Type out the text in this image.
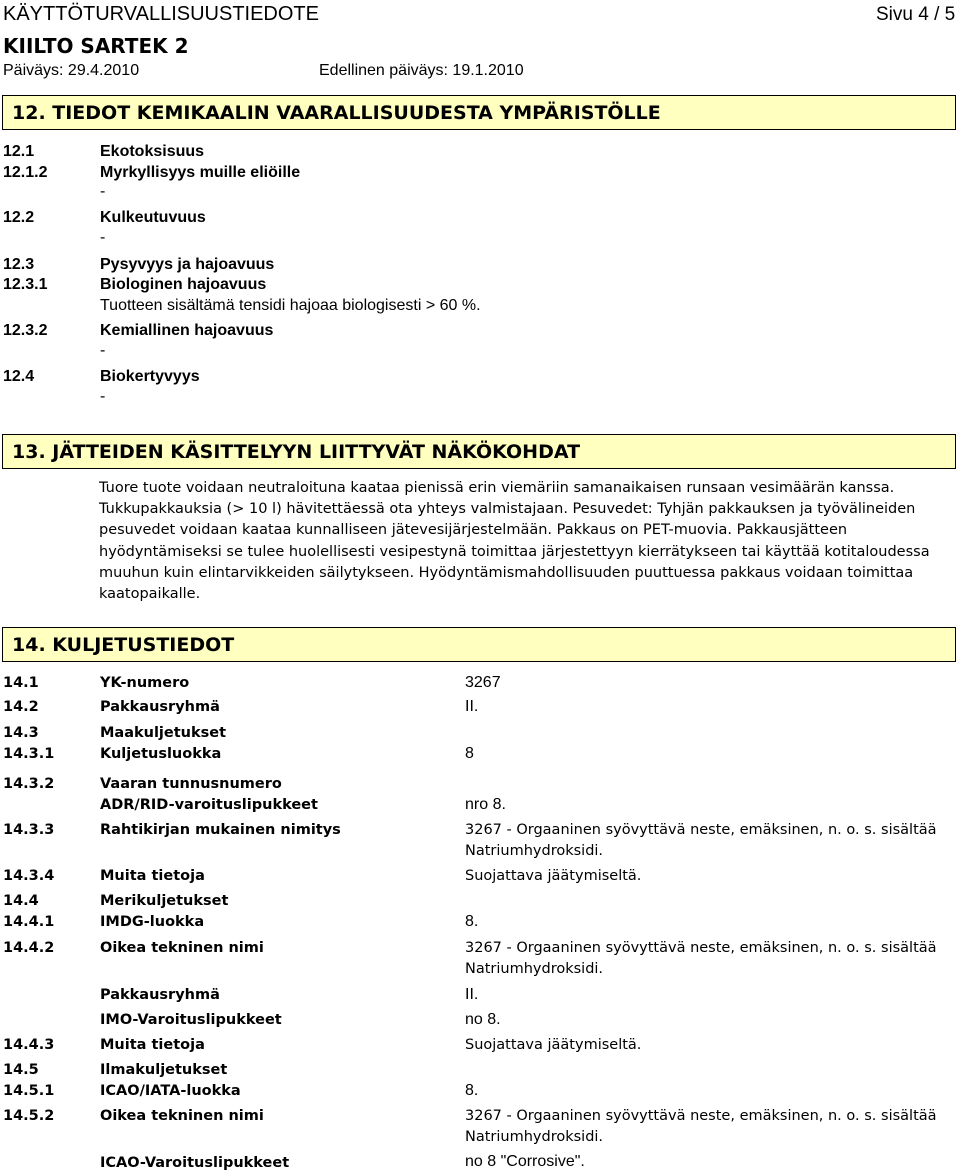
KÄYTTÖTURVALLISUUSTIEDOTE	Sivu 4 / 5
KIILTO SARTEK 2
Päiväys: 29.4.2010	Edellinen päiväys: 19.1.2010
12. TIEDOT KEMIKAALIN VAARALLISUUDESTA YMPÄRISTÖLLE
12.1	Ekotoksisuus
12.1.2	Myrkyllisyys muille eliöille
-
12.2	Kulkeutuvuus
-
12.3	Pysyvyys ja hajoavuus
12.3.1	Biologinen hajoavuus
Tuotteen sisältämä tensidi hajoaa biologisesti > 60 %.
12.3.2	Kemiallinen hajoavuus
-
12.4	Biokertyvyys
-
13. JÄTTEIDEN KÄSITTELYYN LIITTYVÄT NÄKÖKOHDAT

Tuore tuote voidaan neutraloituna kaataa pienissä erin viemäriin samanaikaisen runsaan vesimäärän kanssa.

Tukkupakkauksia (> 10 l) hävitettäessä ota yhteys valmistajaan. Pesuvedet: Tyhjän pakkauksen ja työvälineiden pesuvedet voidaan kaataa kunnalliseen jätevesijärjestelmään. Pakkaus on PET-muovia. Pakkausjätteen hyödyntämiseksi se tulee huolellisesti vesipestynä toimittaa järjestettyyn kierrätykseen tai käyttää kotitaloudessa muuhun kuin elintarvikkeiden säilytykseen. Hyödyntämismahdollisuuden puuttuessa pakkaus voidaan toimittaa kaatopaikalle.

14. KULJETUSTIEDOT
14.1	YK-numero	3267
14.2	Pakkausryhmä	II.
14.3	Maakuljetukset
14.3.1	Kuljetusluokka	8
14.3.2	Vaaran tunnusnumero
ADR/RID-varoituslipukkeet	nro 8.
14.3.3	Rahtikirjan mukainen nimitys	3267 - Orgaaninen syövyttävä neste, emäksinen, n. o. s. sisältää
Natriumhydroksidi.
14.3.4	Muita tietoja	Suojattava jäätymiseltä.
14.4	Merikuljetukset
14.4.1	IMDG-luokka	8.
14.4.2	Oikea tekninen nimi	3267 - Orgaaninen syövyttävä neste, emäksinen, n. o. s. sisältää
Natriumhydroksidi.
Pakkausryhmä	II.
IMO-Varoituslipukkeet	no 8.
14.4.3	Muita tietoja	Suojattava jäätymiseltä.
14.5	Ilmakuljetukset
14.5.1	ICAO/IATA-luokka	8.
14.5.2	Oikea tekninen nimi	3267 - Orgaaninen syövyttävä neste, emäksinen, n. o. s. sisältää
Natriumhydroksidi.
ICAO-Varoituslipukkeet	no 8 "Corrosive".
